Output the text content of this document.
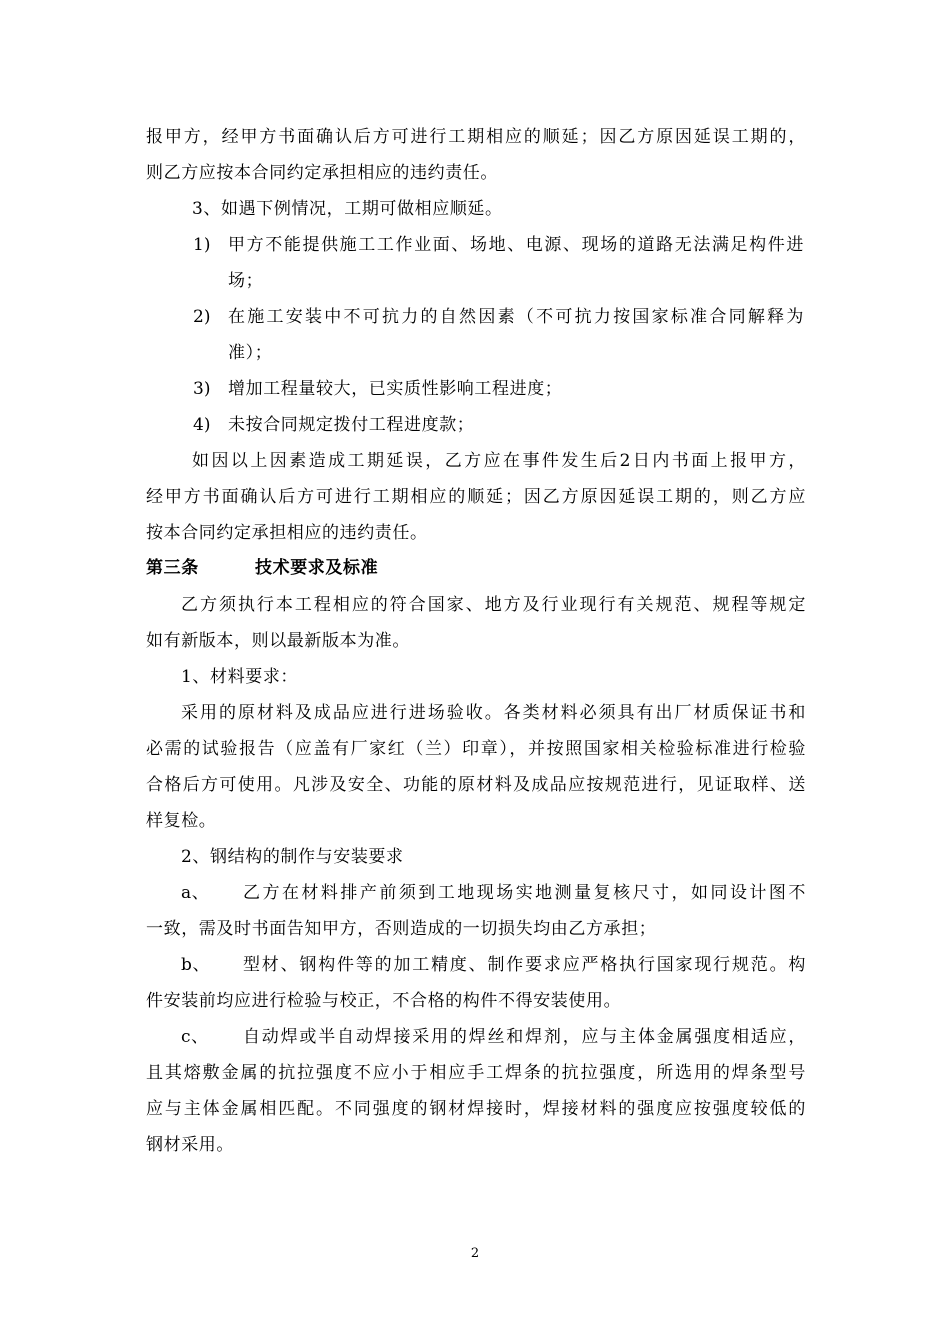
报甲方，经甲方书面确认后方可进行工期相应的顺延；因乙方原因延误工期的，
则乙方应按本合同约定承担相应的违约责任。
3、如遇下例情况，工期可做相应顺延。
1) 甲方不能提供施工工作业面、场地、电源、现场的道路无法满足构件进
场；
2) 在施工安装中不可抗力的自然因素（不可抗力按国家标准合同解释为
准）；
3) 增加工程量较大，已实质性影响工程进度；
4) 未按合同规定拨付工程进度款；
如因以上因素造成工期延误，乙方应在事件发生后2日内书面上报甲方，
经甲方书面确认后方可进行工期相应的顺延；因乙方原因延误工期的，则乙方应
按本合同约定承担相应的违约责任。
第三条	技术要求及标准
乙方须执行本工程相应的符合国家、地方及行业现行有关规范、规程等规定
如有新版本，则以最新版本为准。
1、材料要求：
采用的原材料及成品应进行进场验收。各类材料必须具有出厂材质保证书和
必需的试验报告（应盖有厂家红（兰）印章），并按照国家相关检验标准进行检验
合格后方可使用。凡涉及安全、功能的原材料及成品应按规范进行，见证取样、送
样复检。
2、钢结构的制作与安装要求
a、 乙方在材料排产前须到工地现场实地测量复核尺寸，如同设计图不
一致，需及时书面告知甲方，否则造成的一切损失均由乙方承担；
b、 型材、钢构件等的加工精度、制作要求应严格执行国家现行规范。构
件安装前均应进行检验与校正，不合格的构件不得安装使用。
c、 自动焊或半自动焊接采用的焊丝和焊剂，应与主体金属强度相适应，
且其熔敷金属的抗拉强度不应小于相应手工焊条的抗拉强度，所选用的焊条型号
应与主体金属相匹配。不同强度的钢材焊接时，焊接材料的强度应按强度较低的
钢材采用。
2
